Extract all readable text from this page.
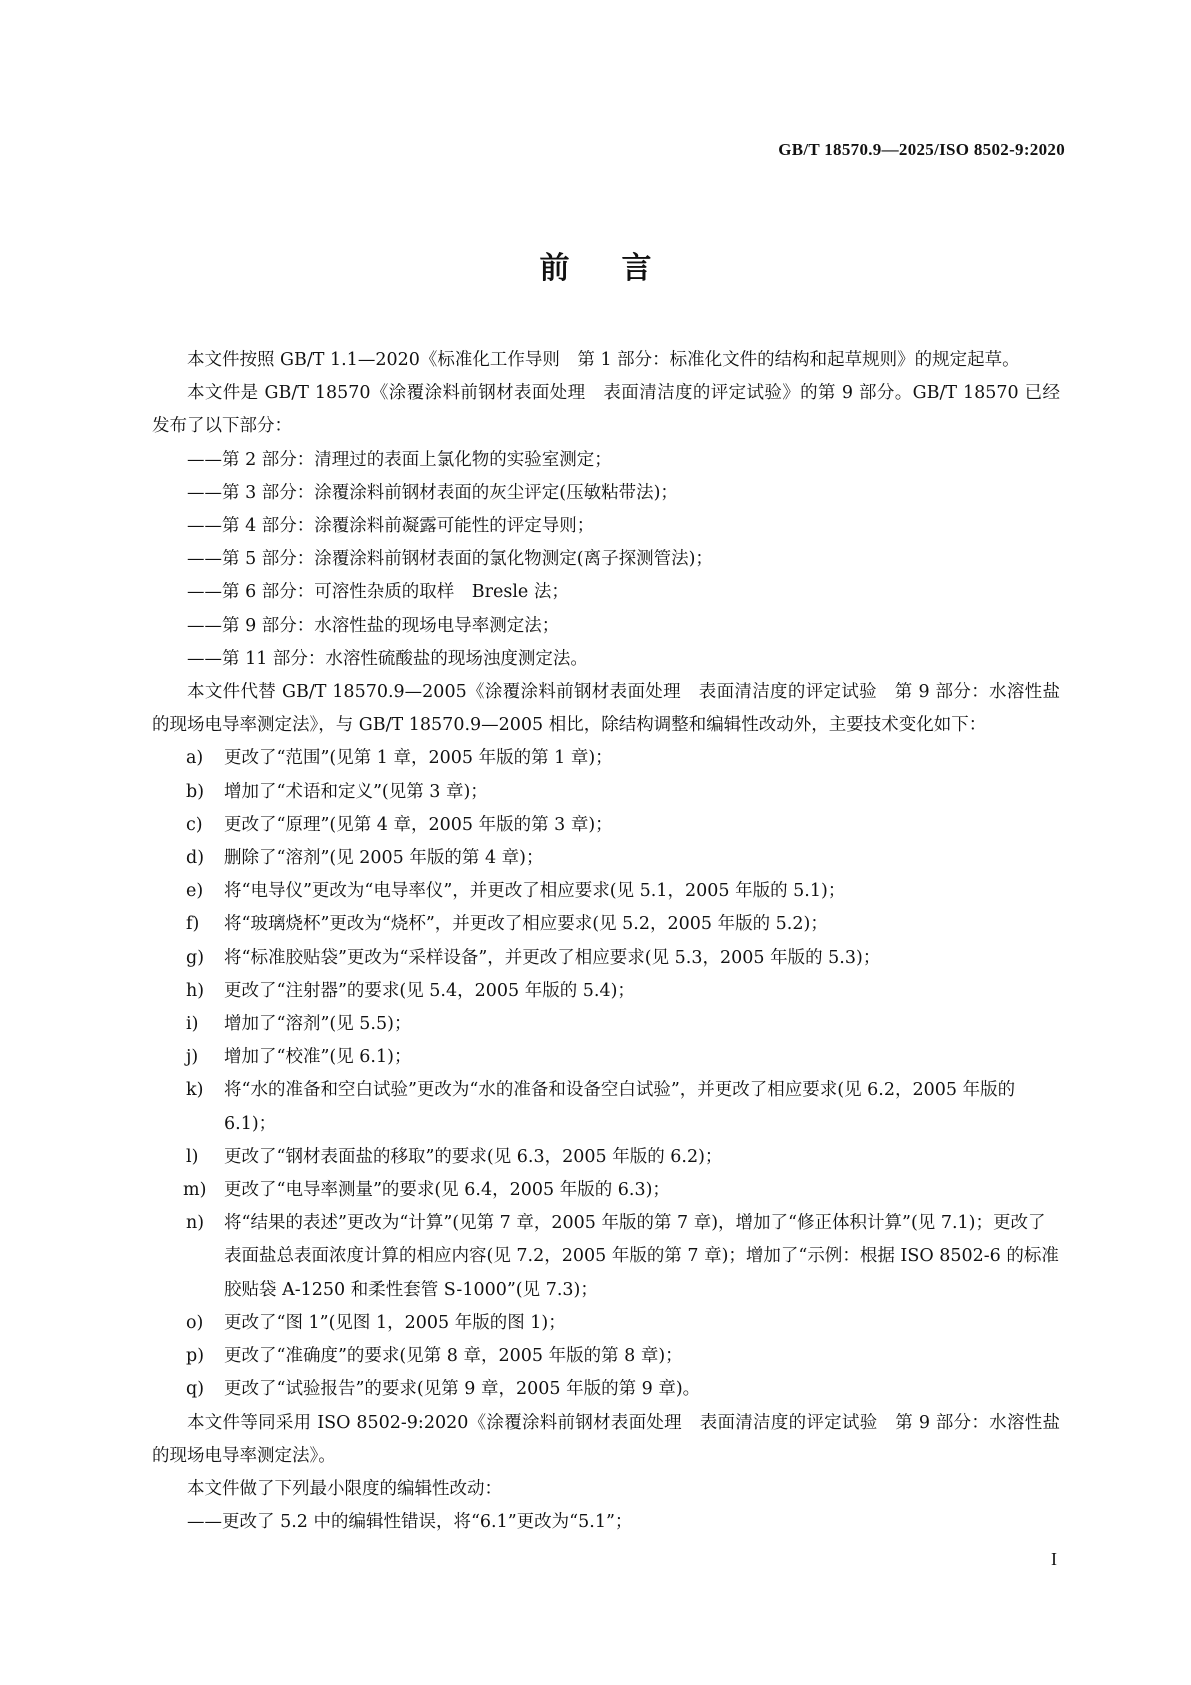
GB/T 18570.9—2025/ISO 8502-9:2020
前言

本文件按照 GB/T 1.1—2020《标准化工作导则　第 1 部分：标准化文件的结构和起草规则》的规定起草。

本文件是 GB/T 18570《涂覆涂料前钢材表面处理　表面清洁度的评定试验》的第 9 部分。GB/T 18570 已经发布了以下部分：

——第 2 部分：清理过的表面上氯化物的实验室测定；

——第 3 部分：涂覆涂料前钢材表面的灰尘评定(压敏粘带法)；

——第 4 部分：涂覆涂料前凝露可能性的评定导则；

——第 5 部分：涂覆涂料前钢材表面的氯化物测定(离子探测管法)；

——第 6 部分：可溶性杂质的取样　Bresle 法；

——第 9 部分：水溶性盐的现场电导率测定法；

——第 11 部分：水溶性硫酸盐的现场浊度测定法。

本文件代替 GB/T 18570.9—2005《涂覆涂料前钢材表面处理　表面清洁度的评定试验　第 9 部分：水溶性盐的现场电导率测定法》，与 GB/T 18570.9—2005 相比，除结构调整和编辑性改动外，主要技术变化如下：

a) 更改了“范围”(见第 1 章，2005 年版的第 1 章)；
b) 增加了“术语和定义”(见第 3 章)；
c) 更改了“原理”(见第 4 章，2005 年版的第 3 章)；
d) 删除了“溶剂”(见 2005 年版的第 4 章)；
e) 将“电导仪”更改为“电导率仪”，并更改了相应要求(见 5.1，2005 年版的 5.1)；
f) 将“玻璃烧杯”更改为“烧杯”，并更改了相应要求(见 5.2，2005 年版的 5.2)；
g) 将“标准胶贴袋”更改为“采样设备”，并更改了相应要求(见 5.3，2005 年版的 5.3)；
h) 更改了“注射器”的要求(见 5.4，2005 年版的 5.4)；
i) 增加了“溶剂”(见 5.5)；
j) 增加了“校准”(见 6.1)；
k) 将“水的准备和空白试验”更改为“水的准备和设备空白试验”，并更改了相应要求(见 6.2，2005 年版的 6.1)；
l) 更改了“钢材表面盐的移取”的要求(见 6.3，2005 年版的 6.2)；
m) 更改了“电导率测量”的要求(见 6.4，2005 年版的 6.3)；
n) 将“结果的表述”更改为“计算”(见第 7 章，2005 年版的第 7 章)，增加了“修正体积计算”(见 7.1)；更改了表面盐总表面浓度计算的相应内容(见 7.2，2005 年版的第 7 章)；增加了“示例：根据 ISO 8502-6 的标准胶贴袋 A-1250 和柔性套管 S-1000”(见 7.3)；
o) 更改了“图 1”(见图 1，2005 年版的图 1)；
p) 更改了“准确度”的要求(见第 8 章，2005 年版的第 8 章)；
q) 更改了“试验报告”的要求(见第 9 章，2005 年版的第 9 章)。

本文件等同采用 ISO 8502-9:2020《涂覆涂料前钢材表面处理　表面清洁度的评定试验　第 9 部分：水溶性盐的现场电导率测定法》。

本文件做了下列最小限度的编辑性改动：

——更改了 5.2 中的编辑性错误，将“6.1”更改为“5.1”；

I
